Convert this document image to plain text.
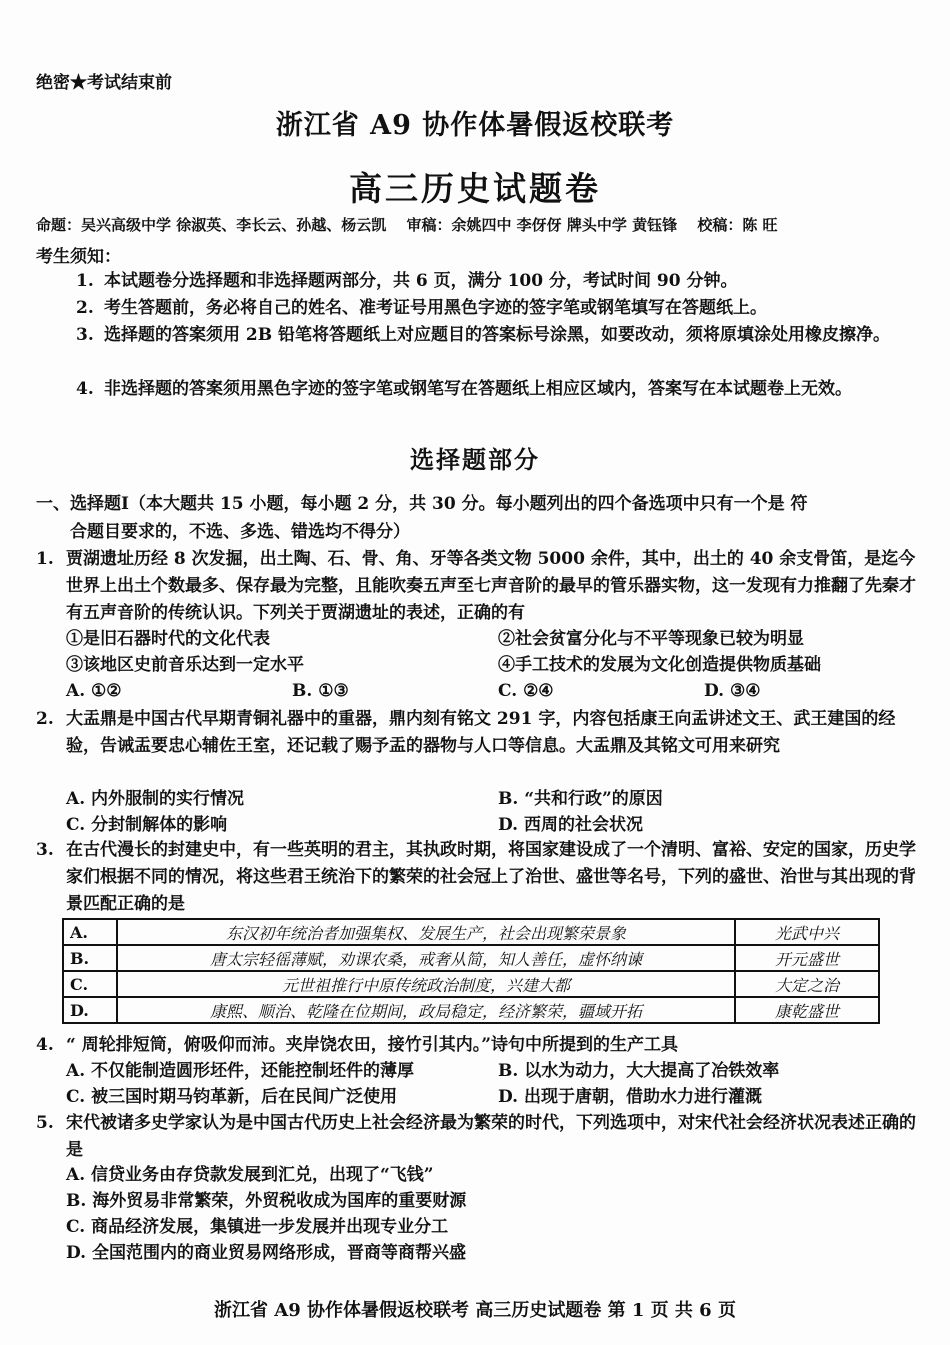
绝密★考试结束前
浙江省 A9 协作体暑假返校联考
高三历史试题卷
命题：吴兴高级中学 徐淑英、李长云、孙越、杨云凯　 审稿：余姚四中 李伢伢 牌头中学 黄钰锋　 校稿：陈 旺
考生须知：
1. 本试题卷分选择题和非选择题两部分，共 6 页，满分 100 分，考试时间 90 分钟。
2. 考生答题前，务必将自己的姓名、准考证号用黑色字迹的签字笔或钢笔填写在答题纸上。
3. 选择题的答案须用 2B 铅笔将答题纸上对应题目的答案标号涂黑，如要改动，须将原填涂处用橡皮擦净。
4. 非选择题的答案须用黑色字迹的签字笔或钢笔写在答题纸上相应区域内，答案写在本试题卷上无效。
选择题部分
一、选择题Ⅰ（本大题共 15 小题，每小题 2 分，共 30 分。每小题列出的四个备选项中只有一个是 符
合题目要求的，不选、多选、错选均不得分）
1. 贾湖遗址历经 8 次发掘，出土陶、石、骨、角、牙等各类文物 5000 余件，其中，出土的 40 余支骨笛，是迄今世界上出土个数最多、保存最为完整，且能吹奏五声至七声音阶的最早的管乐器实物，这一发现有力推翻了先秦才有五声音阶的传统认识。下列关于贾湖遗址的表述，正确的有
①是旧石器时代的文化代表	②社会贫富分化与不平等现象已较为明显
③该地区史前音乐达到一定水平	④手工技术的发展为文化创造提供物质基础
A. ①②	B. ①③	C. ②④	D. ③④
2. 大盂鼎是中国古代早期青铜礼器中的重器，鼎内刻有铭文 291 字，内容包括康王向盂讲述文王、武王建国的经验，告诫盂要忠心辅佐王室，还记载了赐予盂的器物与人口等信息。大盂鼎及其铭文可用来研究
A. 内外服制的实行情况	B. “共和行政”的原因
C. 分封制解体的影响	D. 西周的社会状况
3. 在古代漫长的封建史中，有一些英明的君主，其执政时期，将国家建设成了一个清明、富裕、安定的国家，历史学家们根据不同的情况，将这些君王统治下的繁荣的社会冠上了治世、盛世等名号，下列的盛世、治世与其出现的背景匹配正确的是
A.	东汉初年统治者加强集权、发展生产，社会出现繁荣景象	光武中兴
B.	唐太宗轻徭薄赋，劝课农桑，戒奢从简，知人善任，虚怀纳谏	开元盛世
C.	元世祖推行中原传统政治制度，兴建大都	大定之治
D.	康熙、顺治、乾隆在位期间，政局稳定，经济繁荣，疆域开拓	康乾盛世
4. “ 周轮排短筒，俯吸仰而沛。夹岸饶农田，接竹引其内。”诗句中所提到的生产工具
A. 不仅能制造圆形坯件，还能控制坯件的薄厚	B. 以水为动力，大大提高了冶铁效率
C. 被三国时期马钧革新，后在民间广泛使用	D. 出现于唐朝，借助水力进行灌溉
5. 宋代被诸多史学家认为是中国古代历史上社会经济最为繁荣的时代，下列选项中，对宋代社会经济状况表述正确的是
A. 信贷业务由存贷款发展到汇兑，出现了“飞钱”
B. 海外贸易非常繁荣，外贸税收成为国库的重要财源
C. 商品经济发展，集镇进一步发展并出现专业分工
D. 全国范围内的商业贸易网络形成，晋商等商帮兴盛
浙江省 A9 协作体暑假返校联考 高三历史试题卷 第 1 页 共 6 页
